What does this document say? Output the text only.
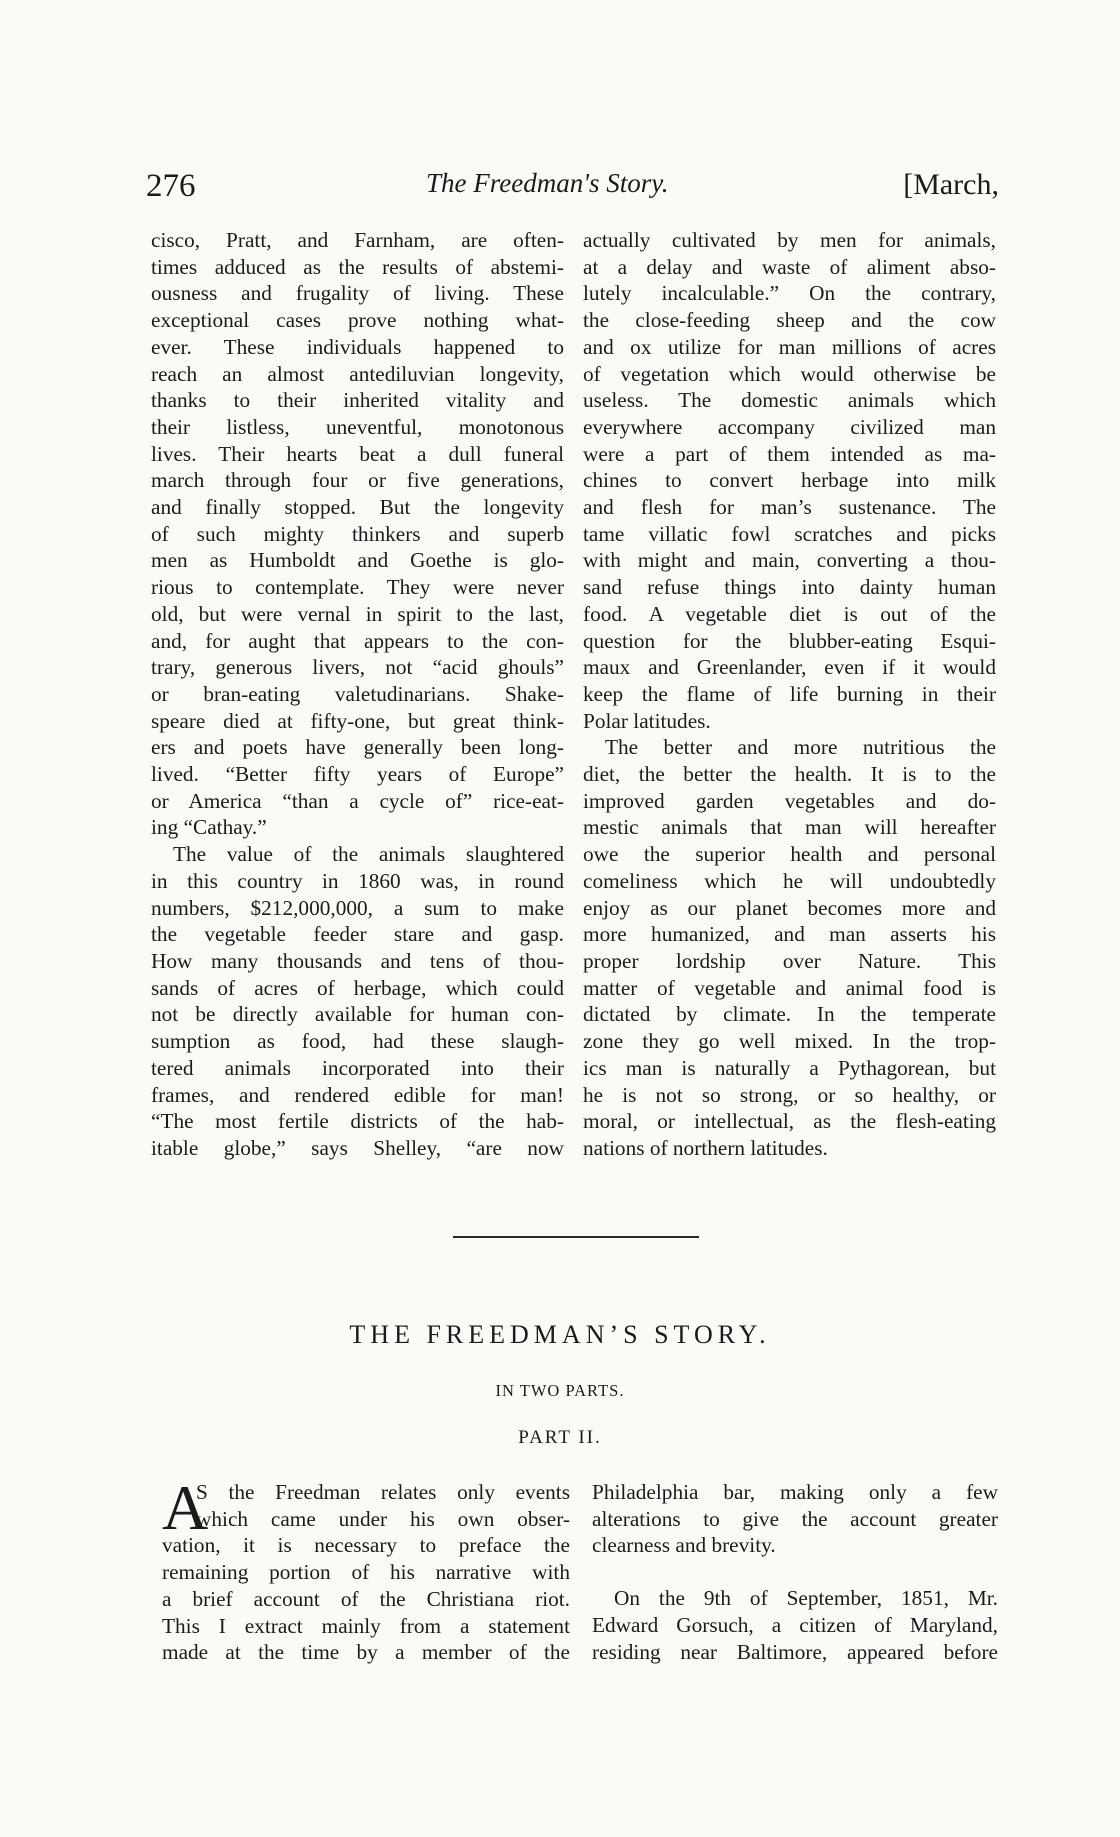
276	The Freedman's Story.	[March,
cisco, Pratt, and Farnham, are often-
times adduced as the results of abstemi-
ousness and frugality of living. These
exceptional cases prove nothing what-
ever. These individuals happened to
reach an almost antediluvian longevity,
thanks to their inherited vitality and
their listless, uneventful, monotonous
lives. Their hearts beat a dull funeral
march through four or five generations,
and finally stopped. But the longevity
of such mighty thinkers and superb
men as Humboldt and Goethe is glo-
rious to contemplate. They were never
old, but were vernal in spirit to the last,
and, for aught that appears to the con-
trary, generous livers, not “acid ghouls”
or bran-eating valetudinarians. Shake-
speare died at fifty-one, but great think-
ers and poets have generally been long-
lived. “Better fifty years of Europe”
or America “than a cycle of” rice-eat-
ing “Cathay.”
The value of the animals slaughtered
in this country in 1860 was, in round
numbers, $212,000,000, a sum to make
the vegetable feeder stare and gasp.
How many thousands and tens of thou-
sands of acres of herbage, which could
not be directly available for human con-
sumption as food, had these slaugh-
tered animals incorporated into their
frames, and rendered edible for man!
“The most fertile districts of the hab-
itable globe,” says Shelley, “are now
actually cultivated by men for animals,
at a delay and waste of aliment abso-
lutely incalculable.” On the contrary,
the close-feeding sheep and the cow
and ox utilize for man millions of acres
of vegetation which would otherwise be
useless. The domestic animals which
everywhere accompany civilized man
were a part of them intended as ma-
chines to convert herbage into milk
and flesh for man’s sustenance. The
tame villatic fowl scratches and picks
with might and main, converting a thou-
sand refuse things into dainty human
food. A vegetable diet is out of the
question for the blubber-eating Esqui-
maux and Greenlander, even if it would
keep the flame of life burning in their
Polar latitudes.
The better and more nutritious the
diet, the better the health. It is to the
improved garden vegetables and do-
mestic animals that man will hereafter
owe the superior health and personal
comeliness which he will undoubtedly
enjoy as our planet becomes more and
more humanized, and man asserts his
proper lordship over Nature. This
matter of vegetable and animal food is
dictated by climate. In the temperate
zone they go well mixed. In the trop-
ics man is naturally a Pythagorean, but
he is not so strong, or so healthy, or
moral, or intellectual, as the flesh-eating
nations of northern latitudes.
THE FREEDMAN’S STORY.
IN TWO PARTS.
PART II.
A
S the Freedman relates only events
which came under his own obser-
vation, it is necessary to preface the
remaining portion of his narrative with
a brief account of the Christiana riot.
This I extract mainly from a statement
made at the time by a member of the
Philadelphia bar, making only a few
alterations to give the account greater
clearness and brevity.
On the 9th of September, 1851, Mr.
Edward Gorsuch, a citizen of Maryland,
residing near Baltimore, appeared before
